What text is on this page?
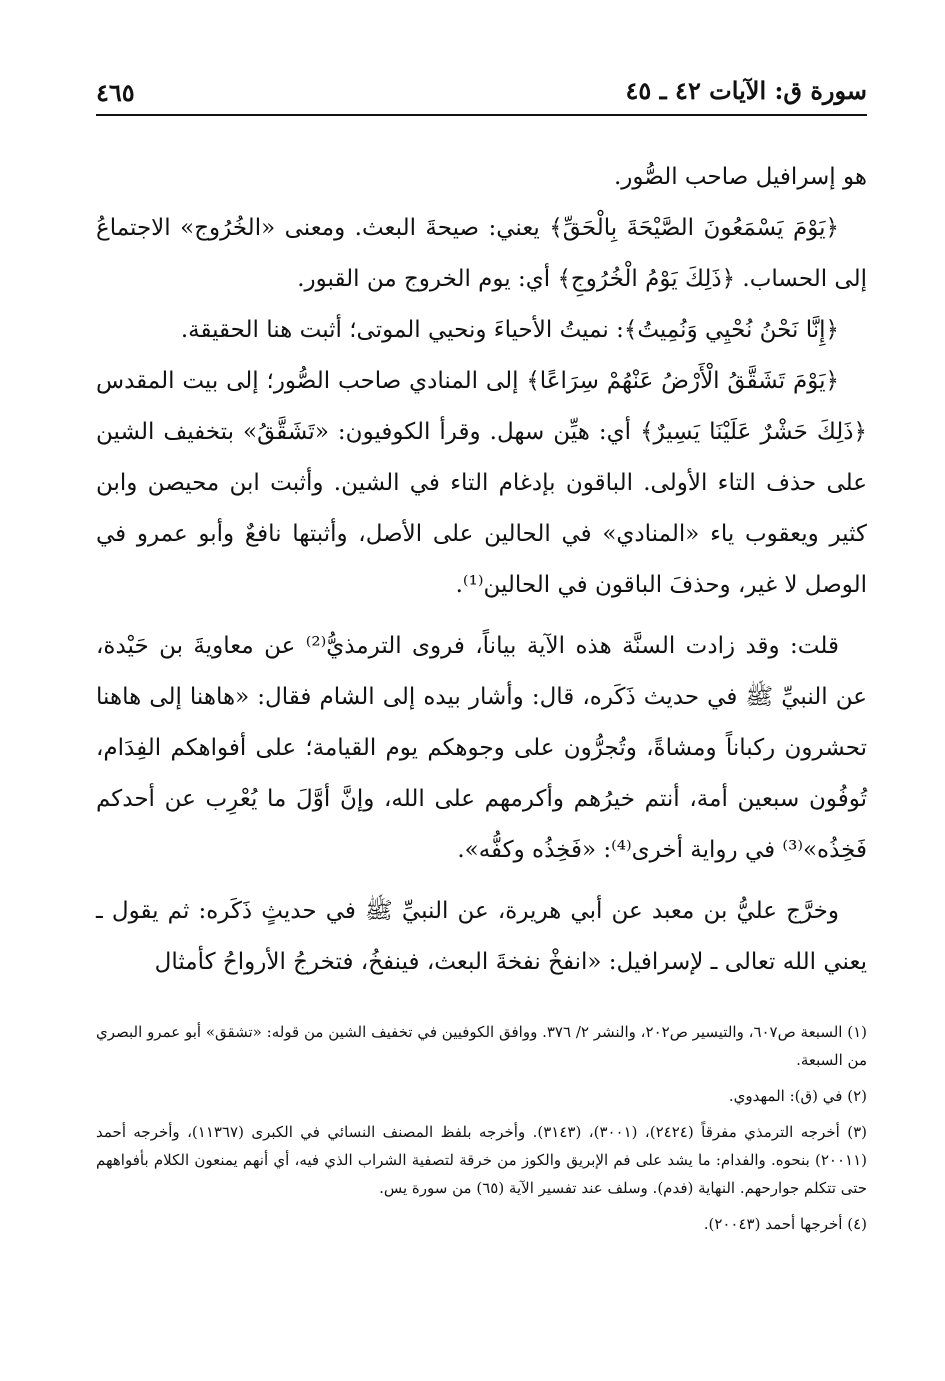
سورة ق: الآيات ٤٢ ـ ٤٥
٤٦٥

هو إسرافيل صاحب الصُّور.

﴿يَوْمَ يَسْمَعُونَ الصَّيْحَةَ بِالْحَقِّ﴾ يعني: صيحةَ البعث. ومعنى «الخُرُوج» الاجتماعُ إلى الحساب. ﴿ذَلِكَ يَوْمُ الْخُرُوجِ﴾ أي: يوم الخروج من القبور.

﴿إِنَّا نَحْنُ نُحْيِي وَنُمِيتُ﴾: نميتُ الأحياءَ ونحيي الموتى؛ أثبت هنا الحقيقة.

﴿يَوْمَ تَشَقَّقُ الْأَرْضُ عَنْهُمْ سِرَاعًا﴾ إلى المنادي صاحب الصُّور؛ إلى بيت المقدس ﴿ذَلِكَ حَشْرٌ عَلَيْنَا يَسِيرٌ﴾ أي: هيِّن سهل. وقرأ الكوفيون: «تَشَقَّقُ» بتخفيف الشين على حذف التاء الأولى. الباقون بإدغام التاء في الشين. وأثبت ابن محيصن وابن كثير ويعقوب ياء «المنادي» في الحالين على الأصل، وأثبتها نافعٌ وأبو عمرو في الوصل لا غير، وحذفَ الباقون في الحالين⁽¹⁾.

قلت: وقد زادت السنَّة هذه الآية بياناً، فروى الترمذيُّ⁽²⁾ عن معاويةَ بن حَيْدة، عن النبيِّ ﷺ في حديث ذَكَره، قال: وأشار بيده إلى الشام فقال: «هاهنا إلى هاهنا تحشرون ركباناً ومشاةً، وتُجرُّون على وجوهكم يوم القيامة؛ على أفواهكم الفِدَام، تُوفُون سبعين أمة، أنتم خيرُهم وأكرمهم على الله، وإنَّ أوَّلَ ما يُعْرِب عن أحدكم فَخِذُه»⁽³⁾ في رواية أخرى⁽⁴⁾: «فَخِذُه وكفُّه».

وخرَّج عليُّ بن معبد عن أبي هريرة، عن النبيِّ ﷺ في حديثٍ ذَكَره: ثم يقول ـ يعني الله تعالى ـ لإسرافيل: «انفخْ نفخةَ البعث، فينفخُ، فتخرجُ الأرواحُ كأمثال

(١) السبعة ص٦٠٧، والتيسير ص٢٠٢، والنشر ٢/ ٣٧٦. ووافق الكوفيين في تخفيف الشين من قوله: «تشقق» أبو عمرو البصري من السبعة.

(٢) في (ق): المهدوي.

(٣) أخرجه الترمذي مفرقاً (٢٤٢٤)، (٣٠٠١)، (٣١٤٣). وأخرجه بلفظ المصنف النسائي في الكبرى (١١٣٦٧)، وأخرجه أحمد (٢٠٠١١) بنحوه. والفدام: ما يشد على فم الإبريق والكوز من خرقة لتصفية الشراب الذي فيه، أي أنهم يمنعون الكلام بأفواههم حتى تتكلم جوارحهم. النهاية (فدم). وسلف عند تفسير الآية (٦٥) من سورة يس.

(٤) أخرجها أحمد (٢٠٠٤٣).
